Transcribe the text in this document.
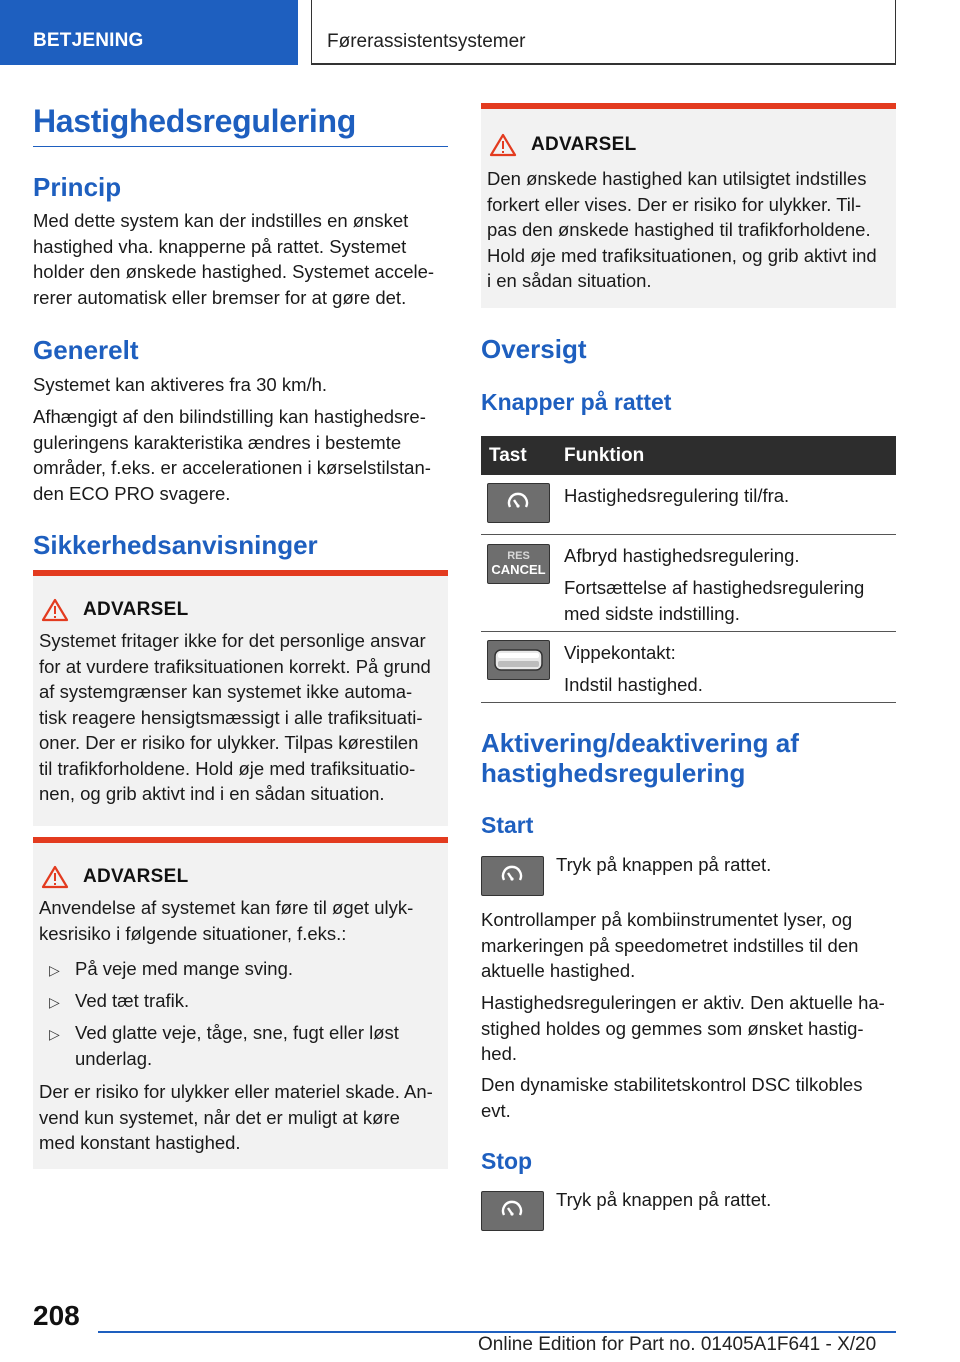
BETJENING	Førerassistentsystemer
Hastighedsregulering
Princip
Med dette system kan der indstilles en ønsket
hastighed vha. knapperne på rattet. Systemet
holder den ønskede hastighed. Systemet accele-
rerer automatisk eller bremser for at gøre det.
Generelt
Systemet kan aktiveres fra 30 km/h.
Afhængigt af den bilindstilling kan hastighedsre-
guleringens karakteristika ændres i bestemte
områder, f.eks. er accelerationen i kørselstilstan-
den ECO PRO svagere.
Sikkerhedsanvisninger
ADVARSEL
Systemet fritager ikke for det personlige ansvar
for at vurdere trafiksituationen korrekt. På grund
af systemgrænser kan systemet ikke automa-
tisk reagere hensigtsmæssigt i alle trafiksituati-
oner. Der er risiko for ulykker. Tilpas kørestilen
til trafikforholdene. Hold øje med trafiksituatio-
nen, og grib aktivt ind i en sådan situation.
ADVARSEL
Anvendelse af systemet kan føre til øget ulyk-
kesrisiko i følgende situationer, f.eks.:
▷ På veje med mange sving.
▷ Ved tæt trafik.
▷ Ved glatte veje, tåge, sne, fugt eller løst
underlag.
Der er risiko for ulykker eller materiel skade. An-
vend kun systemet, når det er muligt at køre
med konstant hastighed.
ADVARSEL
Den ønskede hastighed kan utilsigtet indstilles
forkert eller vises. Der er risiko for ulykker. Til-
pas den ønskede hastighed til trafikforholdene.
Hold øje med trafiksituationen, og grib aktivt ind
i en sådan situation.
Oversigt
Knapper på rattet
Tast Funktion
Hastighedsregulering til/fra.
RES
CANCEL
Afbryd hastighedsregulering.
Fortsættelse af hastighedsregulering
med sidste indstilling.
Vippekontakt:
Indstil hastighed.
Aktivering/deaktivering af
hastighedsregulering
Start
Tryk på knappen på rattet.
Kontrollamper på kombiinstrumentet lyser, og
markeringen på speedometret indstilles til den
aktuelle hastighed.
Hastighedsreguleringen er aktiv. Den aktuelle ha-
stighed holdes og gemmes som ønsket hastig-
hed.
Den dynamiske stabilitetskontrol DSC tilkobles
evt.
Stop
Tryk på knappen på rattet.
208
Online Edition for Part no. 01405A1F641 - X/20
